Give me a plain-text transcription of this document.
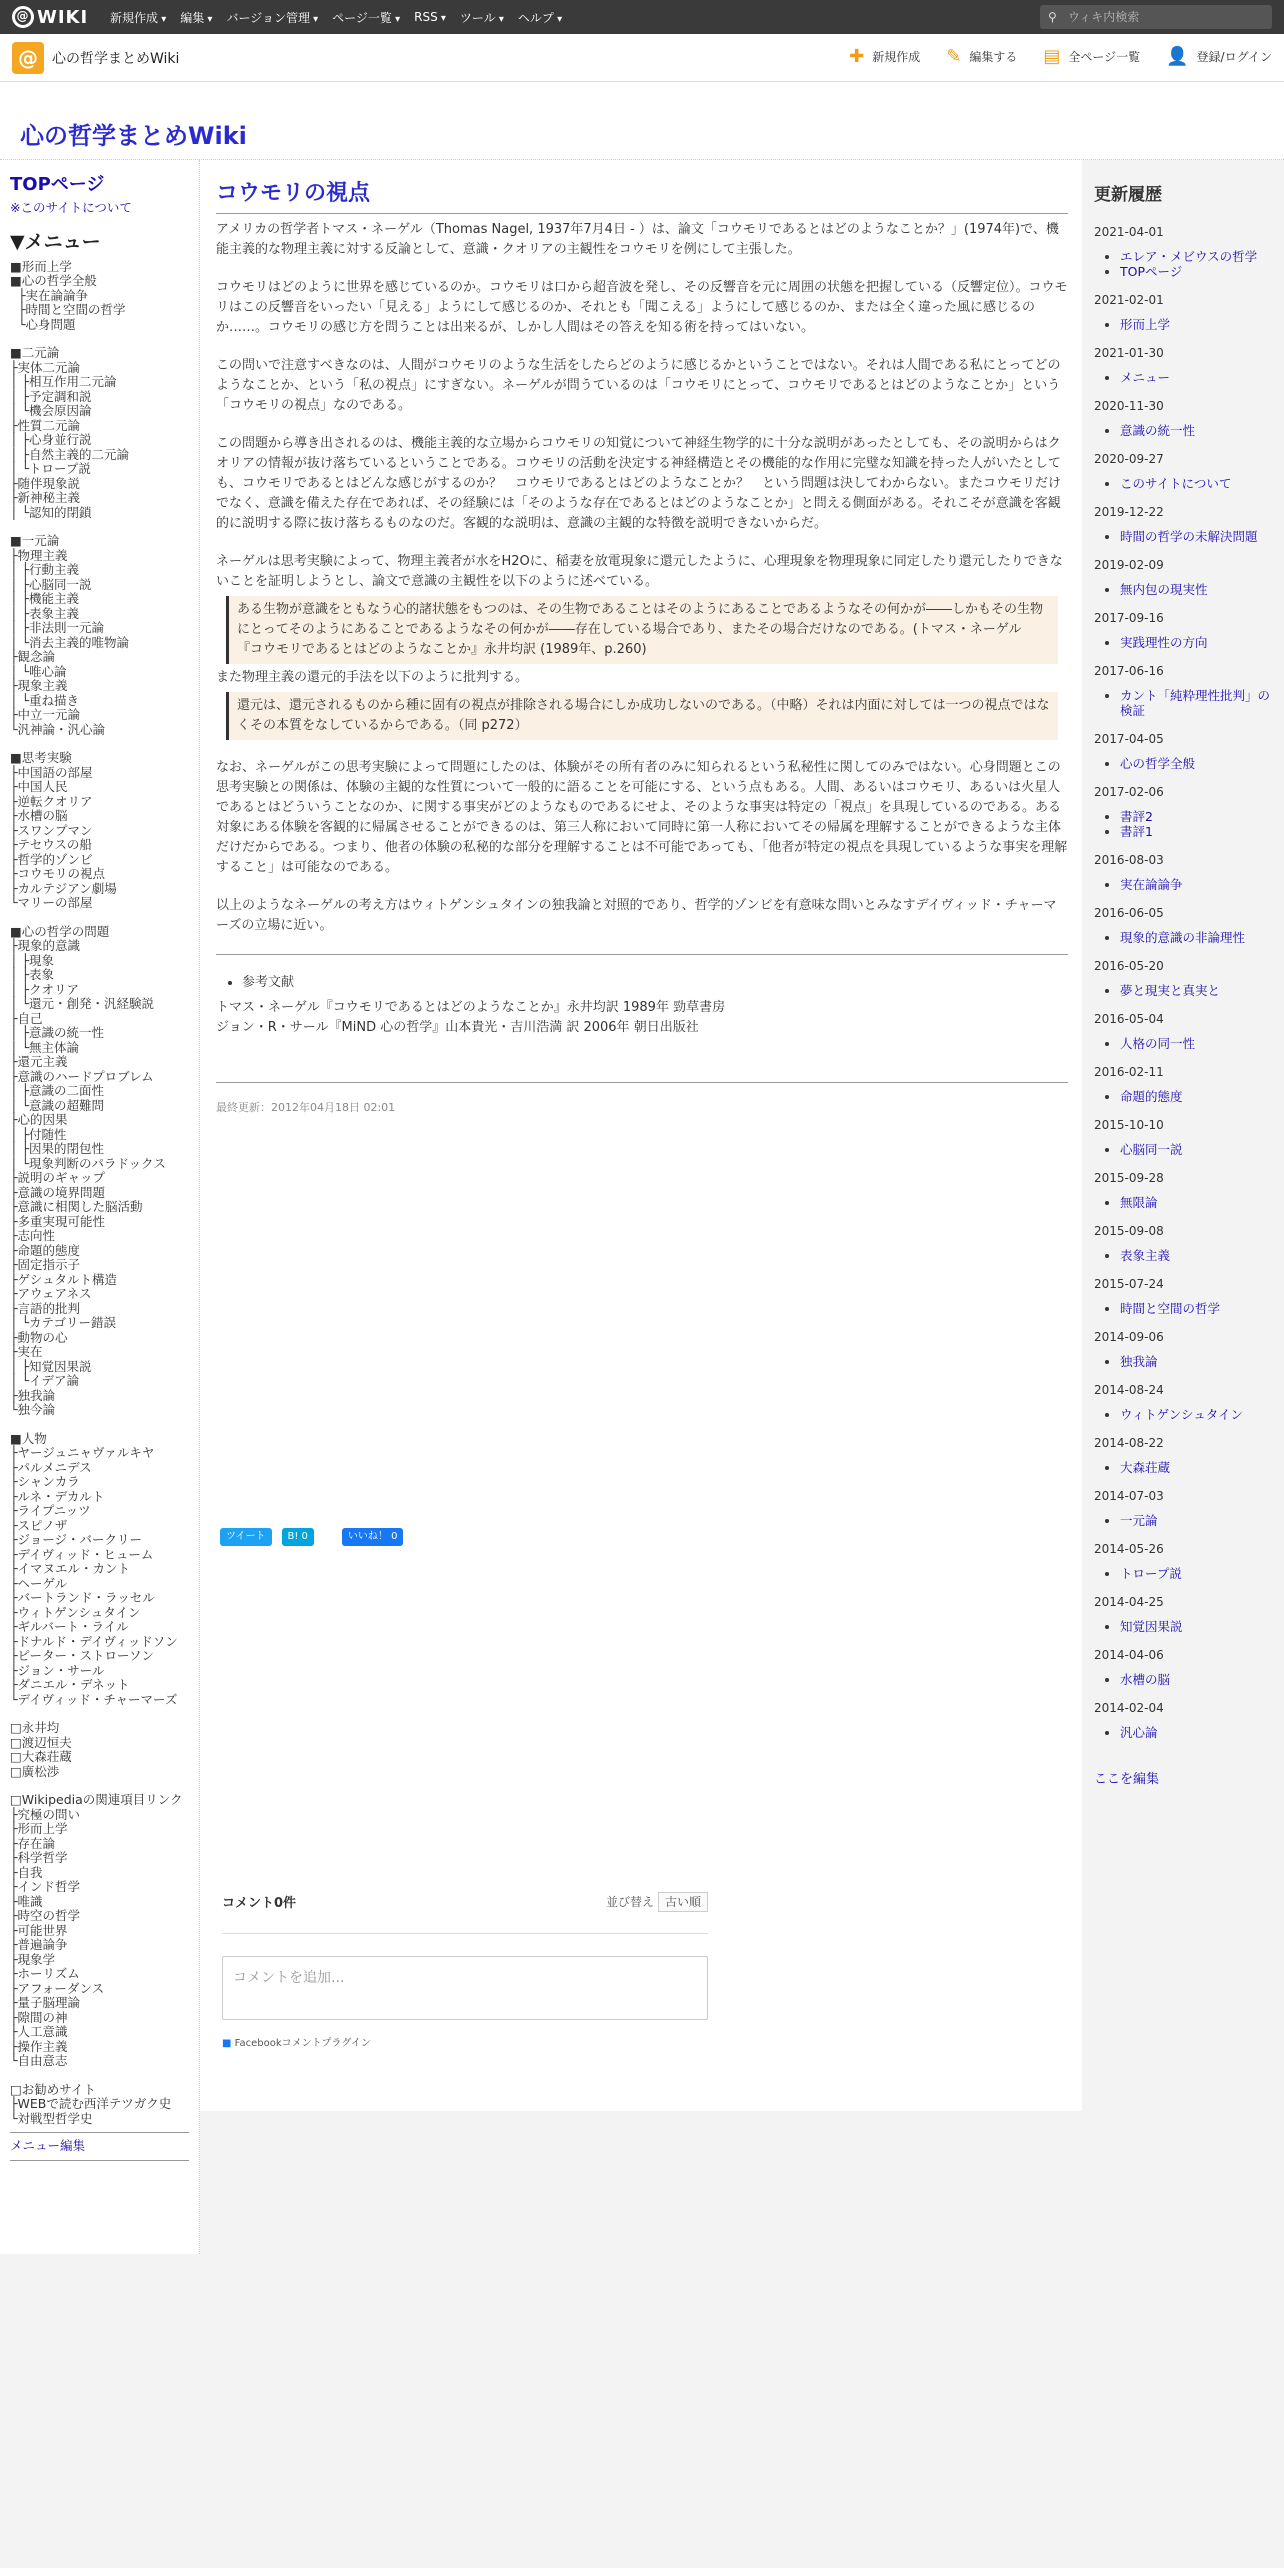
@ WIKI 新規作成 ▾	編集 ▾	バージョン管理 ▾	ページ一覧 ▾	RSS ▾	ツール ▾	ヘルプ ▾	⚲ ウィキ内検索
@	心の哲学まとめWiki	✚ 新規作成 ✎ 編集する ▤ 全ページ一覧 👤 登録/ログイン
心の哲学まとめWiki
TOPページ
※このサイトについて
▼メニュー
■形而上学
■心の哲学全般
├実在論論争
├時間と空間の哲学
└心身問題
■二元論
├実体二元論
│ ├相互作用二元論
│ ├予定調和説
│ └機会原因論
├性質二元論
│ ├心身並行説
│ ├自然主義的二元論
│ └トロープ説
├随伴現象説
├新神秘主義
│ └認知的閉鎖
■一元論
├物理主義
│ ├行動主義
│ ├心脳同一説
│ ├機能主義
│ ├表象主義
│ ├非法則一元論
│ └消去主義的唯物論
├観念論
│ └唯心論
├現象主義
│ └重ね描き
├中立一元論
└汎神論・汎心論
■思考実験
├中国語の部屋
├中国人民
├逆転クオリア
├水槽の脳
├スワンプマン
├テセウスの船
├哲学的ゾンビ
├コウモリの視点
├カルテジアン劇場
└マリーの部屋
■心の哲学の問題
├現象的意識
│ ├現象
│ ├表象
│ ├クオリア
│ └還元・創発・汎経験説
├自己
│ ├意識の統一性
│ └無主体論
├還元主義
├意識のハードプロブレム
│ ├意識の二面性
│ └意識の超難問
├心的因果
│ ├付随性
│ ├因果的閉包性
│ └現象判断のパラドックス
├説明のギャップ
├意識の境界問題
├意識に相関した脳活動
├多重実現可能性
├志向性
├命題的態度
├固定指示子
├ゲシュタルト構造
├アウェアネス
├言語的批判
│ └カテゴリー錯誤
├動物の心
├実在
│ ├知覚因果説
│ └イデア論
├独我論
└独今論
■人物
├ヤージュニャヴァルキヤ
├パルメニデス
├シャンカラ
├ルネ・デカルト
├ライプニッツ
├スピノザ
├ジョージ・バークリー
├デイヴィッド・ヒューム
├イマヌエル・カント
├ヘーゲル
├バートランド・ラッセル
├ウィトゲンシュタイン
├ギルバート・ライル
├ドナルド・デイヴィッドソン
├ピーター・ストローソン
├ジョン・サール
├ダニエル・デネット
└デイヴィッド・チャーマーズ
□永井均
□渡辺恒夫
□大森荘蔵
□廣松渉
□Wikipediaの関連項目リンク
├究極の問い
├形而上学
├存在論
├科学哲学
├自我
├インド哲学
├唯識
├時空の哲学
├可能世界
├普遍論争
├現象学
├ホーリズム
├アフォーダンス
├量子脳理論
├隙間の神
├人工意識
├操作主義
└自由意志
□お勧めサイト
├WEBで読む西洋テツガク史
└対戦型哲学史
メニュー編集
コウモリの視点

アメリカの哲学者トマス・ネーゲル（Thomas Nagel, 1937年7月4日 - ）は、論文「コウモリであるとはどのようなことか？」(1974年)で、機能主義的な物理主義に対する反論として、意識・クオリアの主観性をコウモリを例にして主張した。

コウモリはどのように世界を感じているのか。コウモリは口から超音波を発し、その反響音を元に周囲の状態を把握している（反響定位）。コウモリはこの反響音をいったい「見える」ようにして感じるのか、それとも「聞こえる」ようにして感じるのか、または全く違った風に感じるのか……。コウモリの感じ方を問うことは出来るが、しかし人間はその答えを知る術を持ってはいない。

この問いで注意すべきなのは、人間がコウモリのような生活をしたらどのように感じるかということではない。それは人間である私にとってどのようなことか、という「私の視点」にすぎない。ネーゲルが問うているのは「コウモリにとって、コウモリであるとはどのようなことか」という「コウモリの視点」なのである。

この問題から導き出されるのは、機能主義的な立場からコウモリの知覚について神経生物学的に十分な説明があったとしても、その説明からはクオリアの情報が抜け落ちているということである。コウモリの活動を決定する神経構造とその機能的な作用に完璧な知識を持った人がいたとしても、コウモリであるとはどんな感じがするのか？　コウモリであるとはどのようなことか？　という問題は決してわからない。またコウモリだけでなく、意識を備えた存在であれば、その経験には「そのような存在であるとはどのようなことか」と問える側面がある。それこそが意識を客観的に説明する際に抜け落ちるものなのだ。客観的な説明は、意識の主観的な特徴を説明できないからだ。

ネーゲルは思考実験によって、物理主義者が水をH2Oに、稲妻を放電現象に還元したように、心理現象を物理現象に同定したり還元したりできないことを証明しようとし、論文で意識の主観性を以下のように述べている。

ある生物が意識をともなう心的諸状態をもつのは、その生物であることはそのようにあることであるようなその何かが――しかもその生物にとってそのようにあることであるようなその何かが――存在している場合であり、またその場合だけなのである。(トマス・ネーゲル 『コウモリであるとはどのようなことか』永井均訳 (1989年、p.260)

また物理主義の還元的手法を以下のように批判する。

還元は、還元されるものから種に固有の視点が排除される場合にしか成功しないのである。（中略）それは内面に対しては一つの視点ではなくその本質をなしているからである。（同 p272）

なお、ネーゲルがこの思考実験によって問題にしたのは、体験がその所有者のみに知られるという私秘性に関してのみではない。心身問題とこの思考実験との関係は、体験の主観的な性質について一般的に語ることを可能にする、という点もある。人間、あるいはコウモリ、あるいは火星人であるとはどういうことなのか、に関する事実がどのようなものであるにせよ、そのような事実は特定の「視点」を具現しているのである。ある対象にある体験を客観的に帰属させることができるのは、第三人称において同時に第一人称においてその帰属を理解することができるような主体だけだからである。つまり、他者の体験の私秘的な部分を理解することは不可能であっても、「他者が特定の視点を具現しているような事実を理解すること」は可能なのである。

以上のようなネーゲルの考え方はウィトゲンシュタインの独我論と対照的であり、哲学的ゾンビを有意味な問いとみなすデイヴィッド・チャーマーズの立場に近い。

• 参考文献
トマス・ネーゲル『コウモリであるとはどのようなことか』永井均訳 1989年 勁草書房
ジョン・R・サール『MiND 心の哲学』山本貴光・吉川浩満 訳 2006年 朝日出版社
最終更新：2012年04月18日 02:01
ツイート	B! 0	いいね！ 0
コメント0件	並び替え 古い順
コメントを追加...
■ Facebookコメントプラグイン
更新履歴
2021-04-01
• エレア・メビウスの哲学
• TOPページ
2021-02-01
• 形而上学
2021-01-30
• メニュー
2020-11-30
• 意識の統一性
2020-09-27
• このサイトについて
2019-12-22
• 時間の哲学の未解決問題
2019-02-09
• 無内包の現実性
2017-09-16
• 実践理性の方向
2017-06-16
• カント「純粋理性批判」の検証
2017-04-05
• 心の哲学全般
2017-02-06
• 書評2
• 書評1
2016-08-03
• 実在論論争
2016-06-05
• 現象的意識の非論理性
2016-05-20
• 夢と現実と真実と
2016-05-04
• 人格の同一性
2016-02-11
• 命題的態度
2015-10-10
• 心脳同一説
2015-09-28
• 無限論
2015-09-08
• 表象主義
2015-07-24
• 時間と空間の哲学
2014-09-06
• 独我論
2014-08-24
• ウィトゲンシュタイン
2014-08-22
• 大森荘蔵
2014-07-03
• 一元論
2014-05-26
• トロープ説
2014-04-25
• 知覚因果説
2014-04-06
• 水槽の脳
2014-02-04
• 汎心論
ここを編集
